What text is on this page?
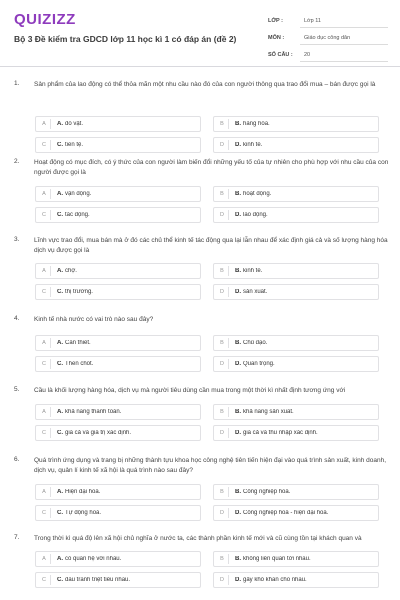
QUIZIZZ
Bộ 3 Đề kiểm tra GDCD lớp 11 học kì 1 có đáp án (đề 2)
LỚP :	Lớp 11
MÔN :	Giáo dục công dân
SỐ CÂU :	20
1. Sản phẩm của lao động có thể thỏa mãn một nhu cầu nào đó của con người thông qua trao đổi mua – bán được gọi là
A	A. đồ vật.	B	B. hàng hóa.
C	C. tiền tệ.	D	D. kinh tế.
2. Hoạt động có mục đích, có ý thức của con người làm biến đổi những yếu tố của tự nhiên cho phù hợp với nhu cầu của con người được gọi là
A	A. vận động.	B	B. hoạt động.
C	C. tác động.	D	D. lao động.
3. Lĩnh vực trao đổi, mua bán mà ở đó các chủ thể kinh tế tác động qua lại lẫn nhau để xác định giá cả và số lượng hàng hóa dịch vụ được gọi là
A	A. chợ.	B	B. kinh tế.
C	C. thị trường.	D	D. sản xuất.
4. Kinh tế nhà nước có vai trò nào sau đây?
A	A. Cần thiết.	B	B. Chủ đạo.
C	C. Then chốt.	D	D. Quan trọng.
5. Cầu là khối lượng hàng hóa, dịch vụ mà người tiêu dùng cần mua trong một thời kì nhất định tương ứng với
A	A. khả năng thanh toán.	B	B. khả năng sản xuất.
C	C. giá cả và giá trị xác định.	D	D. giá cả và thu nhập xác định.
6. Quá trình ứng dụng và trang bị những thành tựu khoa học công nghệ tiên tiến hiện đại vào quá trình sản xuất, kinh doanh, dịch vụ, quản lí kinh tế xã hội là quá trình nào sau đây?
A	A. Hiện đại hoá.	B	B. Công nghiệp hoá.
C	C. Tự động hoá.	D	D. Công nghiệp hoá - hiện đại hoá.
7. Trong thời kì quá độ lên xã hội chủ nghĩa ở nước ta, các thành phần kinh tế mới và cũ cùng tồn tại khách quan và
A	A. có quan hệ với nhau.	B	B. không liên quan tới nhau.
C	C. đấu tranh triệt tiêu nhau.	D	D. gây khó khăn cho nhau.
